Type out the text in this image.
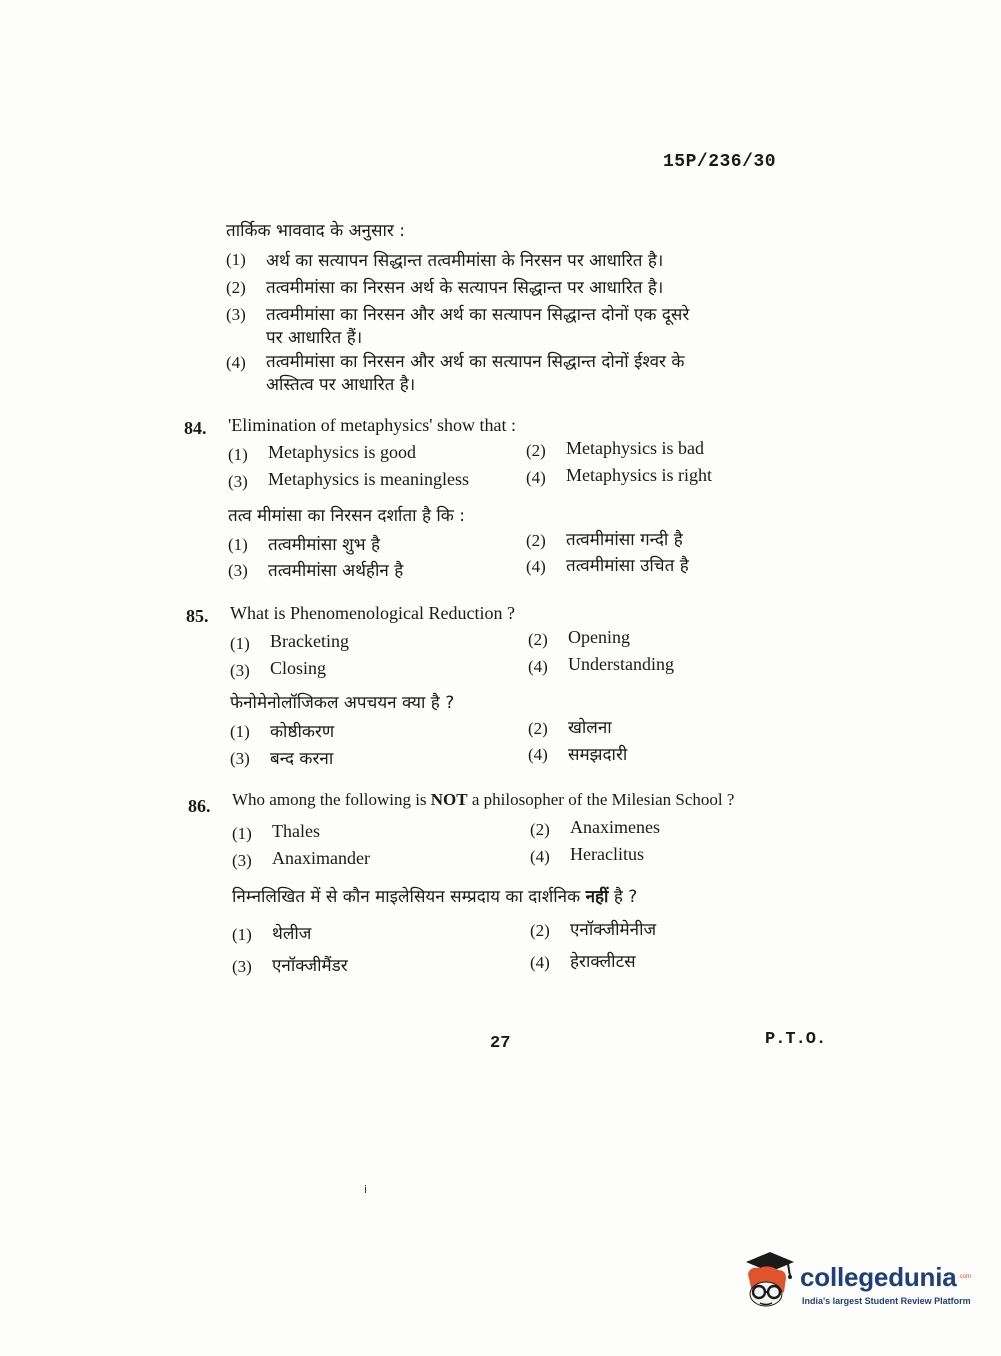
15P/236/30
तार्किक भाववाद के अनुसार :
(1) अर्थ का सत्यापन सिद्धान्त तत्वमीमांसा के निरसन पर आधारित है।
(2) तत्वमीमांसा का निरसन अर्थ के सत्यापन सिद्धान्त पर आधारित है।
(3) तत्वमीमांसा का निरसन और अर्थ का सत्यापन सिद्धान्त दोनों एक दूसरे
पर आधारित हैं।
(4) तत्वमीमांसा का निरसन और अर्थ का सत्यापन सिद्धान्त दोनों ईश्वर के
अस्तित्व पर आधारित है।
84. 'Elimination of metaphysics' show that :
(1) Metaphysics is good	(2) Metaphysics is bad
(3) Metaphysics is meaningless	(4) Metaphysics is right
तत्व मीमांसा का निरसन दर्शाता है कि :
(1) तत्वमीमांसा शुभ है	(2) तत्वमीमांसा गन्दी है
(3) तत्वमीमांसा अर्थहीन है	(4) तत्वमीमांसा उचित है
85. What is Phenomenological Reduction ?
(1) Bracketing	(2) Opening
(3) Closing	(4) Understanding
फेनोमेनोलॉजिकल अपचयन क्या है ?
(1) कोष्ठीकरण	(2) खोलना
(3) बन्द करना	(4) समझदारी
86. Who among the following is NOT a philosopher of the Milesian School ?
(1) Thales	(2) Anaximenes
(3) Anaximander	(4) Heraclitus
निम्नलिखित में से कौन माइलेसियन सम्प्रदाय का दार्शनिक नहीं है ?
(1) थेलीज	(2) एनॉक्जीमेनीज
(3) एनॉक्जीमैंडर	(4) हेराक्लीटस
27	P.T.O.
i
collegedunia .com
India's largest Student Review Platform
